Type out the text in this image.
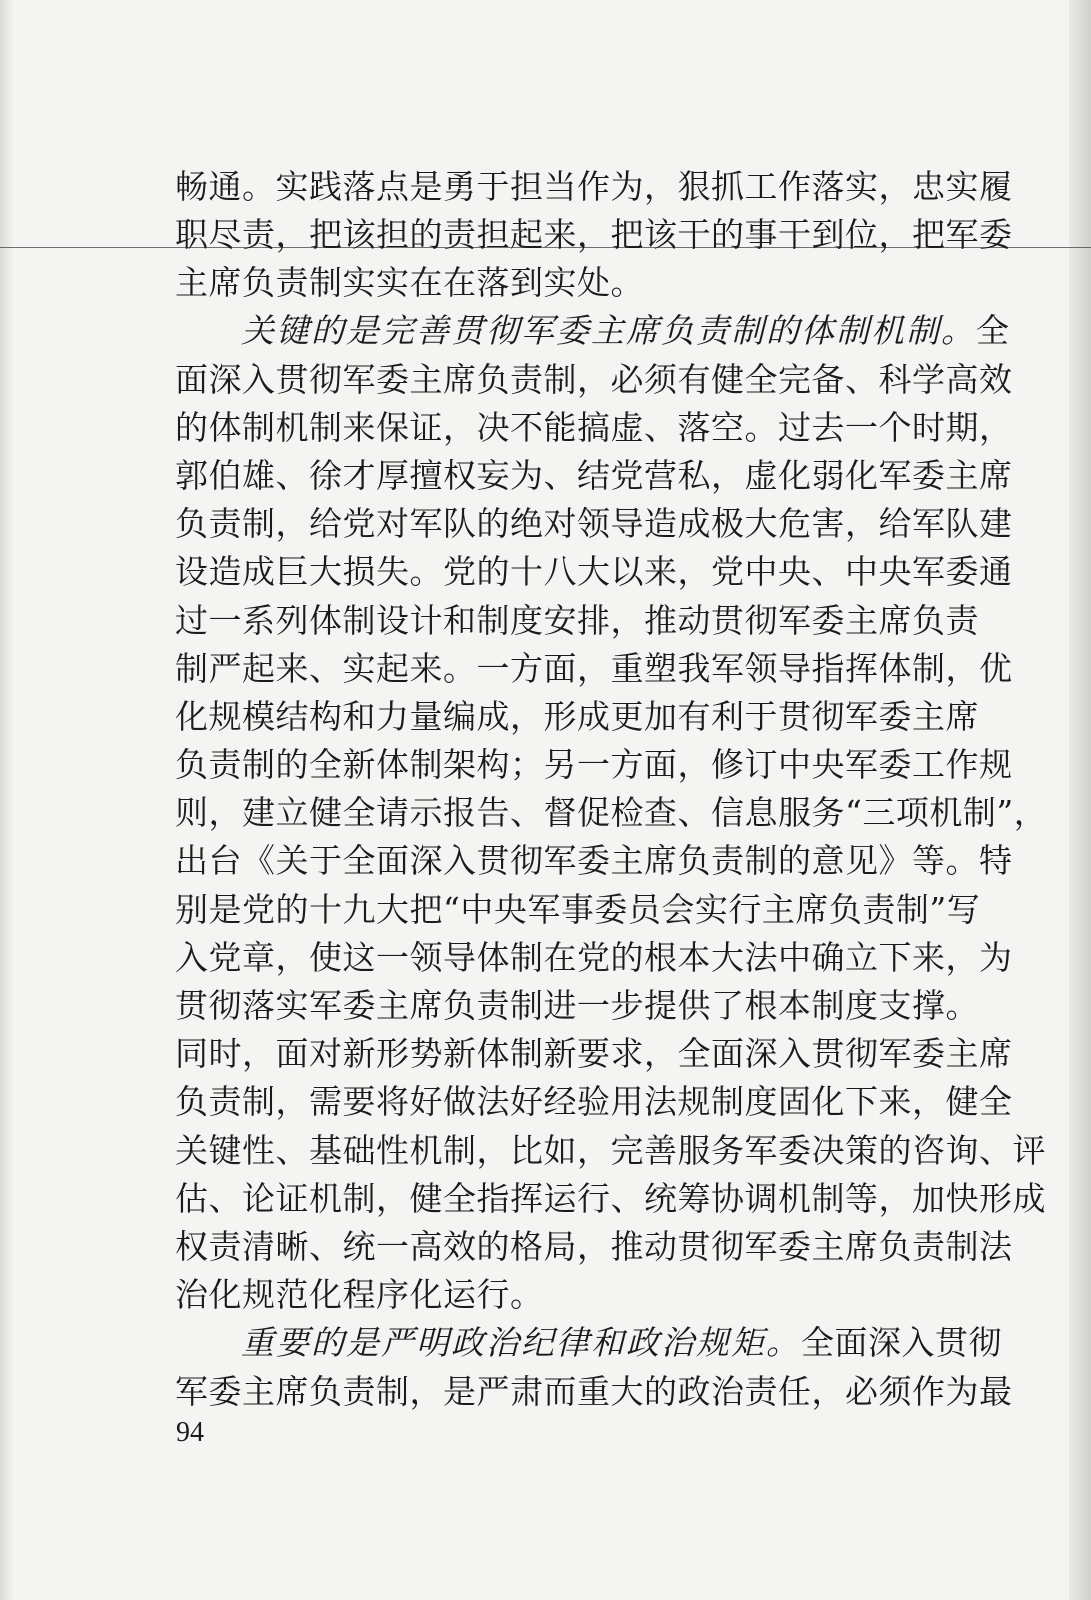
畅通。实践落点是勇于担当作为，狠抓工作落实，忠实履
职尽责，把该担的责担起来，把该干的事干到位，把军委
主席负责制实实在在落到实处。
关键的是完善贯彻军委主席负责制的体制机制。全
面深入贯彻军委主席负责制，必须有健全完备、科学高效
的体制机制来保证，决不能搞虚、落空。过去一个时期，
郭伯雄、徐才厚擅权妄为、结党营私，虚化弱化军委主席
负责制，给党对军队的绝对领导造成极大危害，给军队建
设造成巨大损失。党的十八大以来，党中央、中央军委通
过一系列体制设计和制度安排，推动贯彻军委主席负责
制严起来、实起来。一方面，重塑我军领导指挥体制，优
化规模结构和力量编成，形成更加有利于贯彻军委主席
负责制的全新体制架构；另一方面，修订中央军委工作规
则，建立健全请示报告、督促检查、信息服务“三项机制”，
出台《关于全面深入贯彻军委主席负责制的意见》等。特
别是党的十九大把“中央军事委员会实行主席负责制”写
入党章，使这一领导体制在党的根本大法中确立下来，为
贯彻落实军委主席负责制进一步提供了根本制度支撑。
同时，面对新形势新体制新要求，全面深入贯彻军委主席
负责制，需要将好做法好经验用法规制度固化下来，健全
关键性、基础性机制，比如，完善服务军委决策的咨询、评
估、论证机制，健全指挥运行、统筹协调机制等，加快形成
权责清晰、统一高效的格局，推动贯彻军委主席负责制法
治化规范化程序化运行。
重要的是严明政治纪律和政治规矩。全面深入贯彻
军委主席负责制，是严肃而重大的政治责任，必须作为最
94
